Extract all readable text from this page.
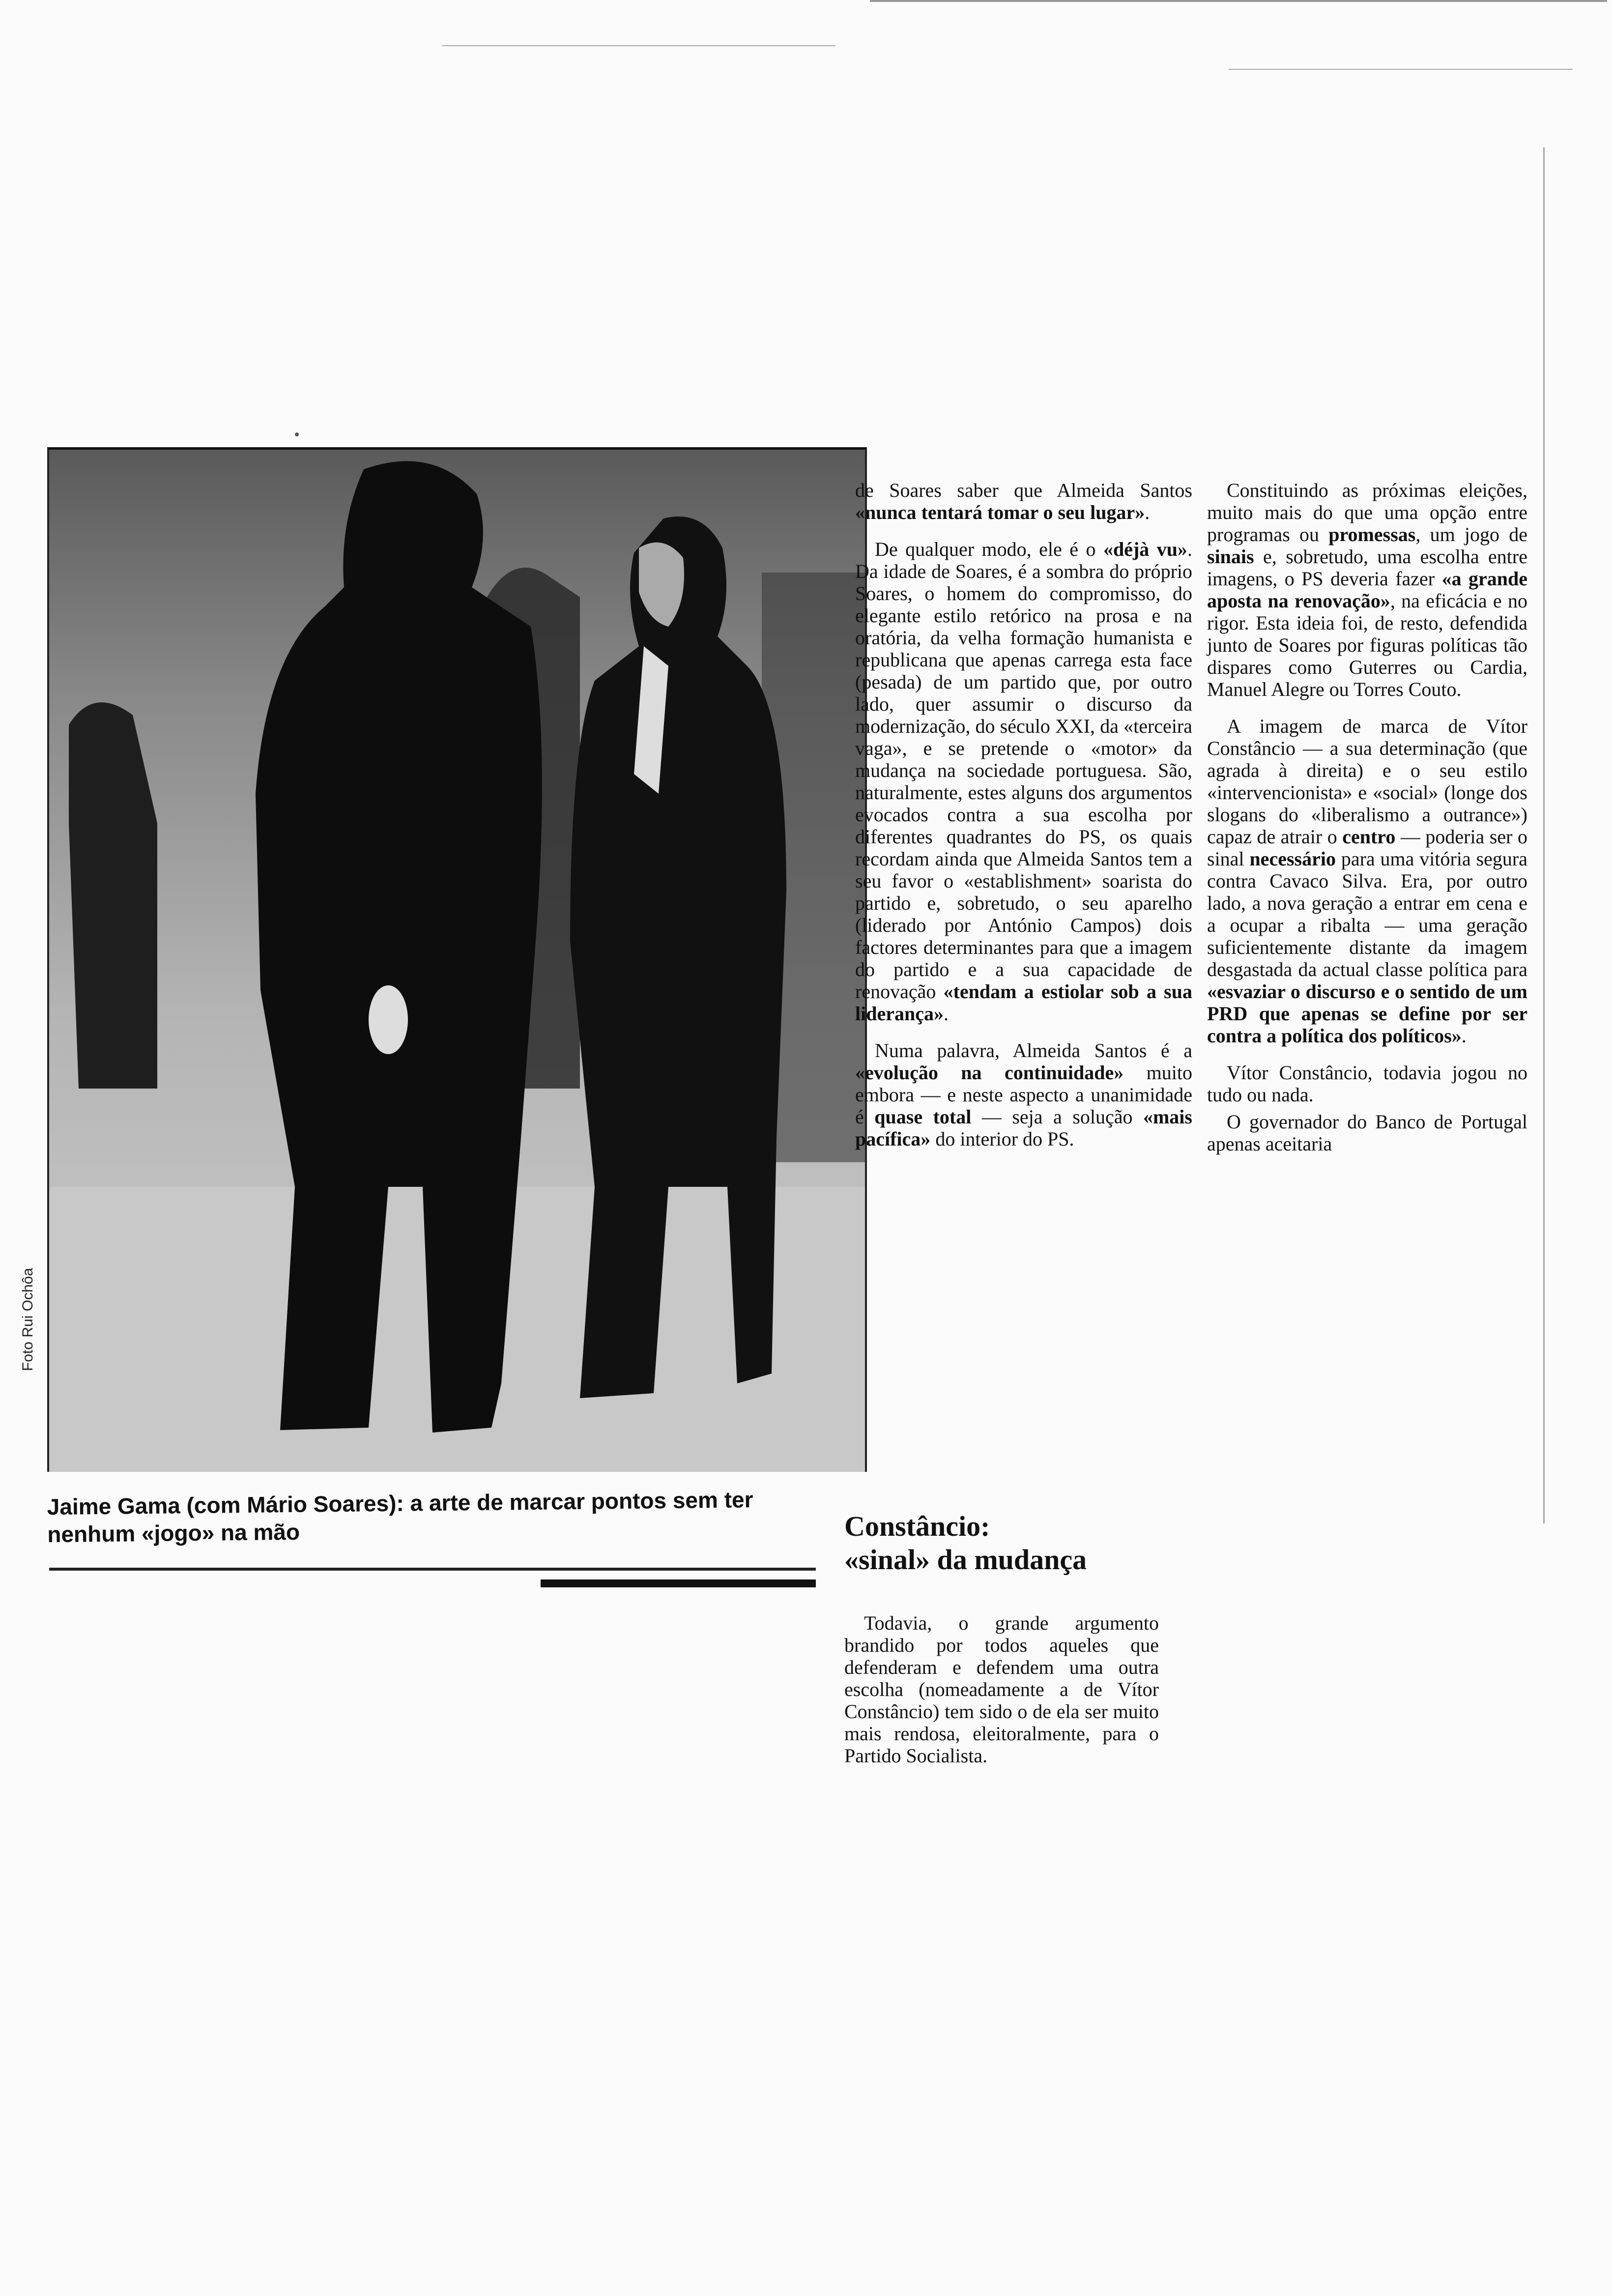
Foto Rui Ochôa
Jaime Gama (com Mário Soares): a arte de marcar pontos sem ter nenhum «jogo» na mão

de Soares saber que Almeida Santos «nunca tentará tomar o seu lugar».

De qualquer modo, ele é o «déjà vu». Da idade de Soares, é a sombra do próprio Soares, o homem do compromisso, do elegante estilo retórico na prosa e na oratória, da velha formação humanista e republicana que apenas carrega esta face (pesada) de um partido que, por outro lado, quer assumir o discurso da modernização, do século XXI, da «terceira vaga», e se pretende o «motor» da mudança na sociedade portuguesa. São, naturalmente, estes alguns dos argumentos evocados contra a sua escolha por diferentes quadrantes do PS, os quais recordam ainda que Almeida Santos tem a seu favor o «establishment» soarista do partido e, sobretudo, o seu aparelho (liderado por António Campos) dois factores determinantes para que a imagem do partido e a sua capacidade de renovação «tendam a estiolar sob a sua liderança».

Numa palavra, Almeida Santos é a «evolução na continuidade» muito embora — e neste aspecto a unanimidade é quase total — seja a solução «mais pacífica» do interior do PS.

Constituindo as próximas eleições, muito mais do que uma opção entre programas ou promessas, um jogo de sinais e, sobretudo, uma escolha entre imagens, o PS deveria fazer «a grande aposta na renovação», na eficácia e no rigor. Esta ideia foi, de resto, defendida junto de Soares por figuras políticas tão dispares como Guterres ou Cardia, Manuel Alegre ou Torres Couto.

A imagem de marca de Vítor Constâncio — a sua determinação (que agrada à direita) e o seu estilo «intervencionista» e «social» (longe dos slogans do «liberalismo a outrance») capaz de atrair o centro — poderia ser o sinal necessário para uma vitória segura contra Cavaco Silva. Era, por outro lado, a nova geração a entrar em cena e a ocupar a ribalta — uma geração suficientemente distante da imagem desgastada da actual classe política para «esvaziar o discurso e o sentido de um PRD que apenas se define por ser contra a política dos políticos».

Vítor Constâncio, todavia jogou no tudo ou nada.

O governador do Banco de Portugal apenas aceitaria

Constâncio:
«sinal» da mudança

Todavia, o grande argumento brandido por todos aqueles que defenderam e defendem uma outra escolha (nomeadamente a de Vítor Constâncio) tem sido o de ela ser muito mais rendosa, eleitoralmente, para o Partido Socialista.
